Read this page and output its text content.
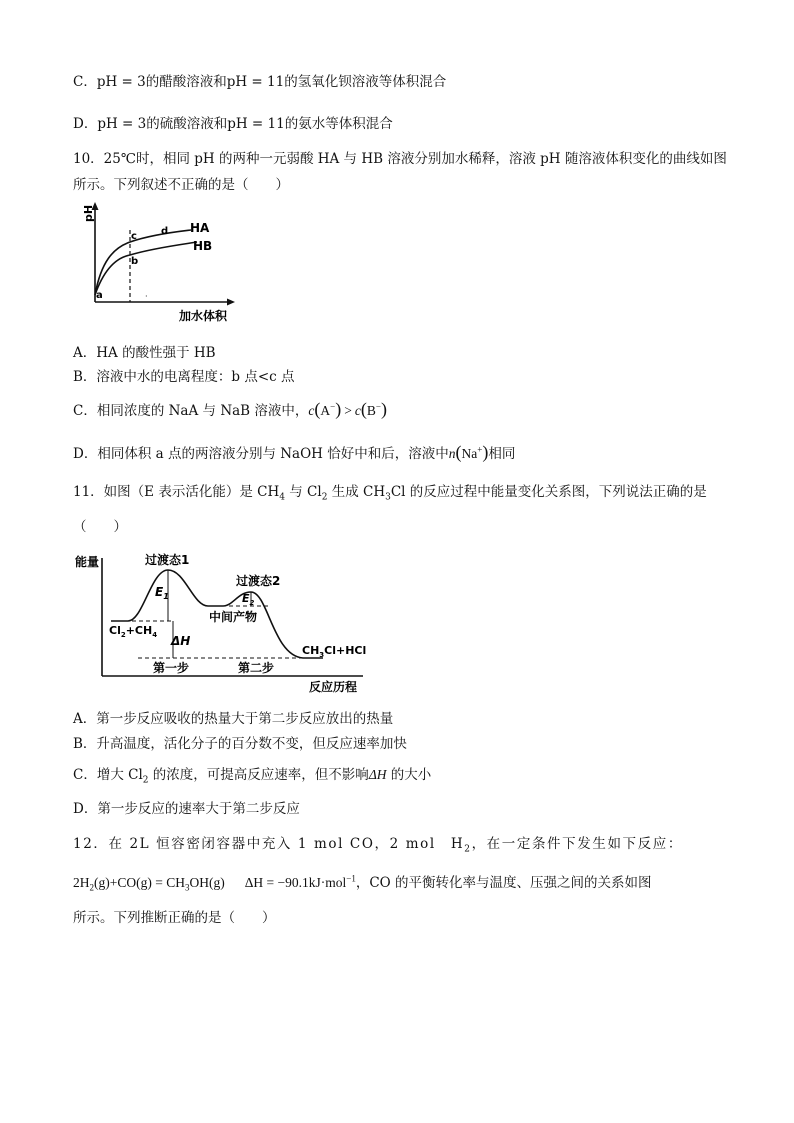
C．pH = 3的醋酸溶液和pH = 11的氢氧化钡溶液等体积混合
D．pH = 3的硫酸溶液和pH = 11的氨水等体积混合
10．25℃时，相同 pH 的两种一元弱酸 HA 与 HB 溶液分别加水稀释，溶液 pH 随溶液体积变化的曲线如图
所示。下列叙述不正确的是（　　）
pH
加水体积
HA
HB
a
b
c d
·
A．HA 的酸性强于 HB
B．溶液中水的电离程度：b 点<c 点
C．相同浓度的 NaA 与 NaB 溶液中，c(A−) > c(B−)
D．相同体积 a 点的两溶液分别与 NaOH 恰好中和后，溶液中n(Na+)相同
11．如图（E 表示活化能）是 $CH_4$ 与 $Cl_2$ 生成 $CH_3Cl$ 的反应过程中能量变化关系图，下列说法正确的是
（　　）
能量
反应历程
过渡态1
过渡态2
$E_1$	$E_2$
中间产物
$Cl_2+CH_4$
$CH_3Cl+HCl$
ΔH
第一步	第二步
A．第一步反应吸收的热量大于第二步反应放出的热量
B．升高温度，活化分子的百分数不变，但反应速率加快
C．增大 $Cl_2$ 的浓度，可提高反应速率，但不影响ΔH 的大小
D．第一步反应的速率大于第二步反应
12．在 2L 恒容密闭容器中充入 1 mol CO，2 mol　$H_2$，在一定条件下发生如下反应：
$2H_2(g)+CO(g) = CH_3OH(g) \Delta H = -90.1kJ\cdot mol^{-1}$，CO 的平衡转化率与温度、压强之间的关系如图
所示。下列推断正确的是（　　）
